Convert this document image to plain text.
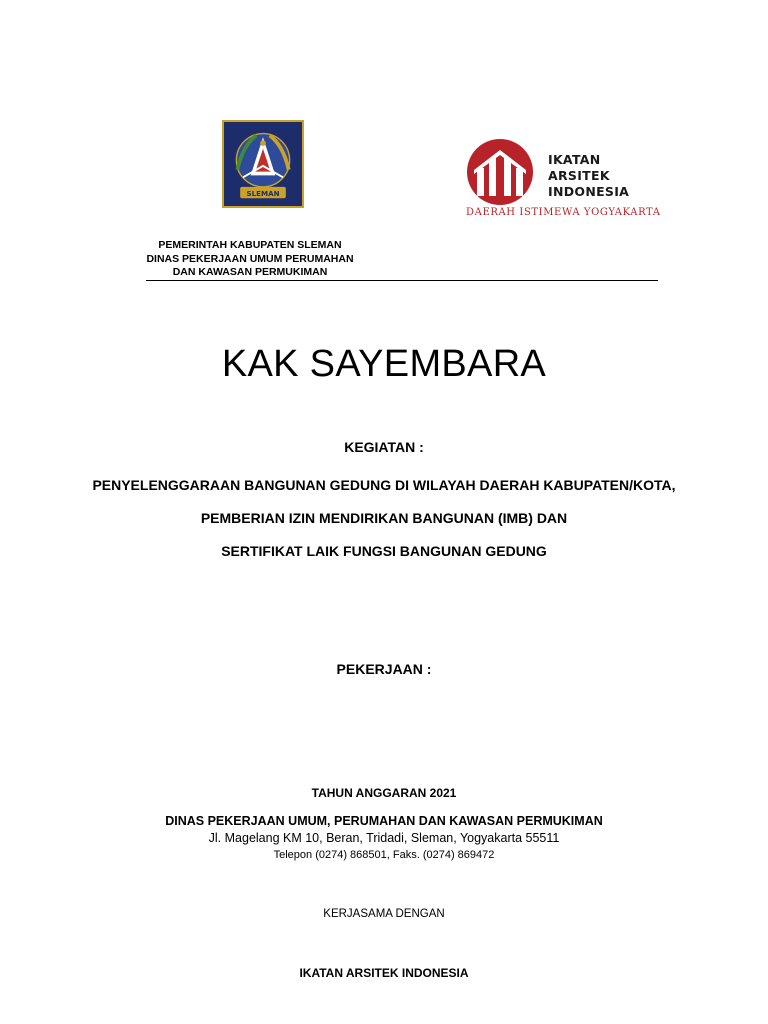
SLEMAN
IKATAN
ARSITEK
INDONESIA
DAERAH ISTIMEWA YOGYAKARTA
PEMERINTAH KABUPATEN SLEMAN
DINAS PEKERJAAN UMUM PERUMAHAN
DAN KAWASAN PERMUKIMAN
KAK SAYEMBARA
KEGIATAN :
PENYELENGGARAAN BANGUNAN GEDUNG DI WILAYAH DAERAH KABUPATEN/KOTA,
PEMBERIAN IZIN MENDIRIKAN BANGUNAN (IMB) DAN
SERTIFIKAT LAIK FUNGSI BANGUNAN GEDUNG
PEKERJAAN :
TAHUN ANGGARAN 2021
DINAS PEKERJAAN UMUM, PERUMAHAN DAN KAWASAN PERMUKIMAN
Jl. Magelang KM 10, Beran, Tridadi, Sleman, Yogyakarta 55511
Telepon (0274) 868501, Faks. (0274) 869472
KERJASAMA DENGAN
IKATAN ARSITEK INDONESIA
